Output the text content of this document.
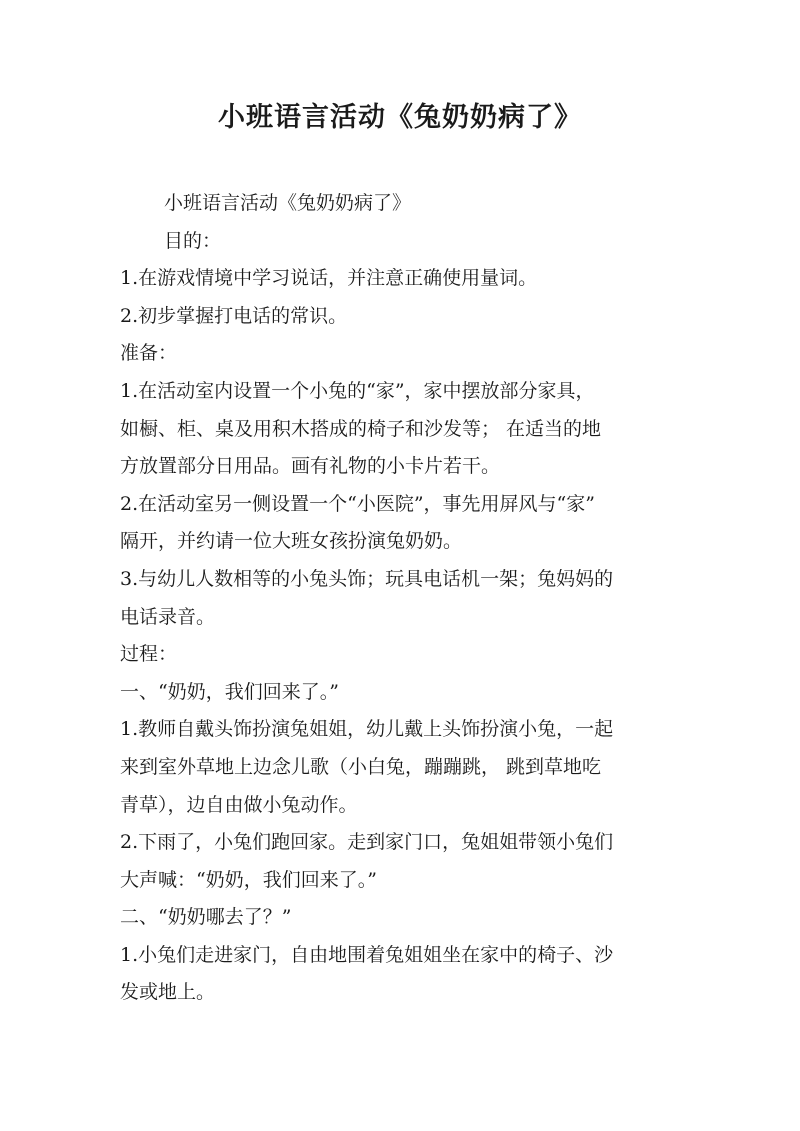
小班语言活动《兔奶奶病了》

小班语言活动《兔奶奶病了》

目的：

1.在游戏情境中学习说话，并注意正确使用量词。

2.初步掌握打电话的常识。

准备：

1.在活动室内设置一个小兔的“家”，家中摆放部分家具，

如橱、柜、桌及用积木搭成的椅子和沙发等； 在适当的地

方放置部分日用品。画有礼物的小卡片若干。

2.在活动室另一侧设置一个“小医院”，事先用屏风与“家”

隔开，并约请一位大班女孩扮演兔奶奶。

3.与幼儿人数相等的小兔头饰；玩具电话机一架；兔妈妈的

电话录音。

过程：

一、“奶奶，我们回来了。”

1.教师自戴头饰扮演兔姐姐，幼儿戴上头饰扮演小兔，一起

来到室外草地上边念儿歌（小白兔，蹦蹦跳， 跳到草地吃

青草），边自由做小兔动作。

2.下雨了，小兔们跑回家。走到家门口，兔姐姐带领小兔们

大声喊：“奶奶，我们回来了。”

二、“奶奶哪去了？”

1.小兔们走进家门，自由地围着兔姐姐坐在家中的椅子、沙

发或地上。
